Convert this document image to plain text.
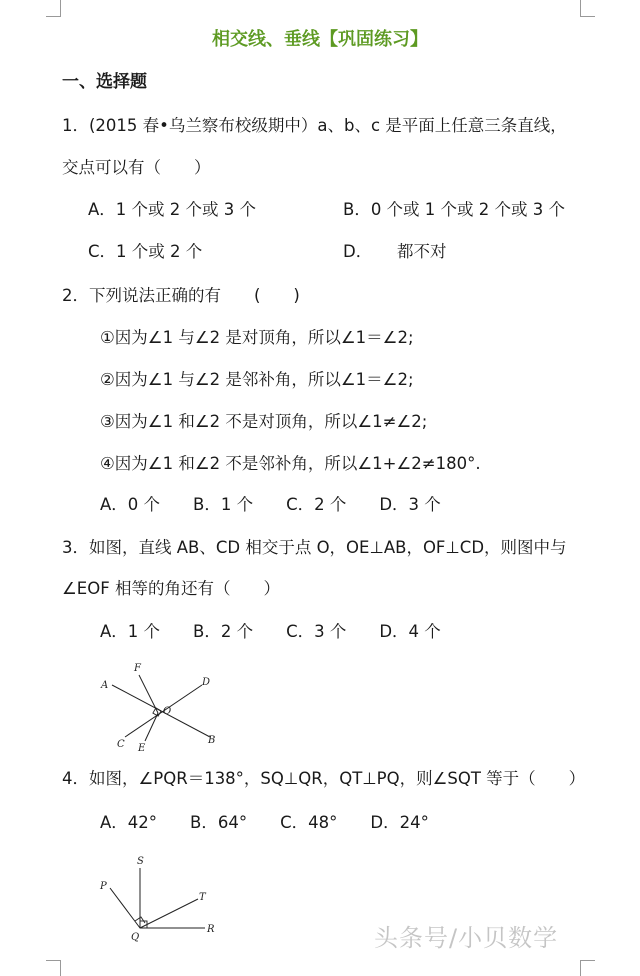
相交线、垂线【巩固练习】
一、选择题
1．(2015 春•乌兰察布校级期中）a、b、c 是平面上任意三条直线，
交点可以有（　　）
A．1 个或 2 个或 3 个	B．0 个或 1 个或 2 个或 3 个
C．1 个或 2 个	D．　　都不对
2．下列说法正确的有　　(　　)
①因为∠1 与∠2 是对顶角，所以∠1＝∠2;
②因为∠1 与∠2 是邻补角，所以∠1＝∠2;
③因为∠1 和∠2 不是对顶角，所以∠1≠∠2;
④因为∠1 和∠2 不是邻补角，所以∠1+∠2≠180°.
A．0 个　　B．1 个　　C．2 个　　D．3 个
3．如图，直线 AB、CD 相交于点 O，OE⊥AB，OF⊥CD，则图中与
∠EOF 相等的角还有（　　）
A．1 个　　B．2 个　　C．3 个　　D．4 个
F
A	D
O
C E
B
4．如图，∠PQR＝138°，SQ⊥QR，QT⊥PQ，则∠SQT 等于（　　）
A．42°　　B．64°　　C．48°　　D．24°
S
P
T
Q
R	头条号/小贝数学
